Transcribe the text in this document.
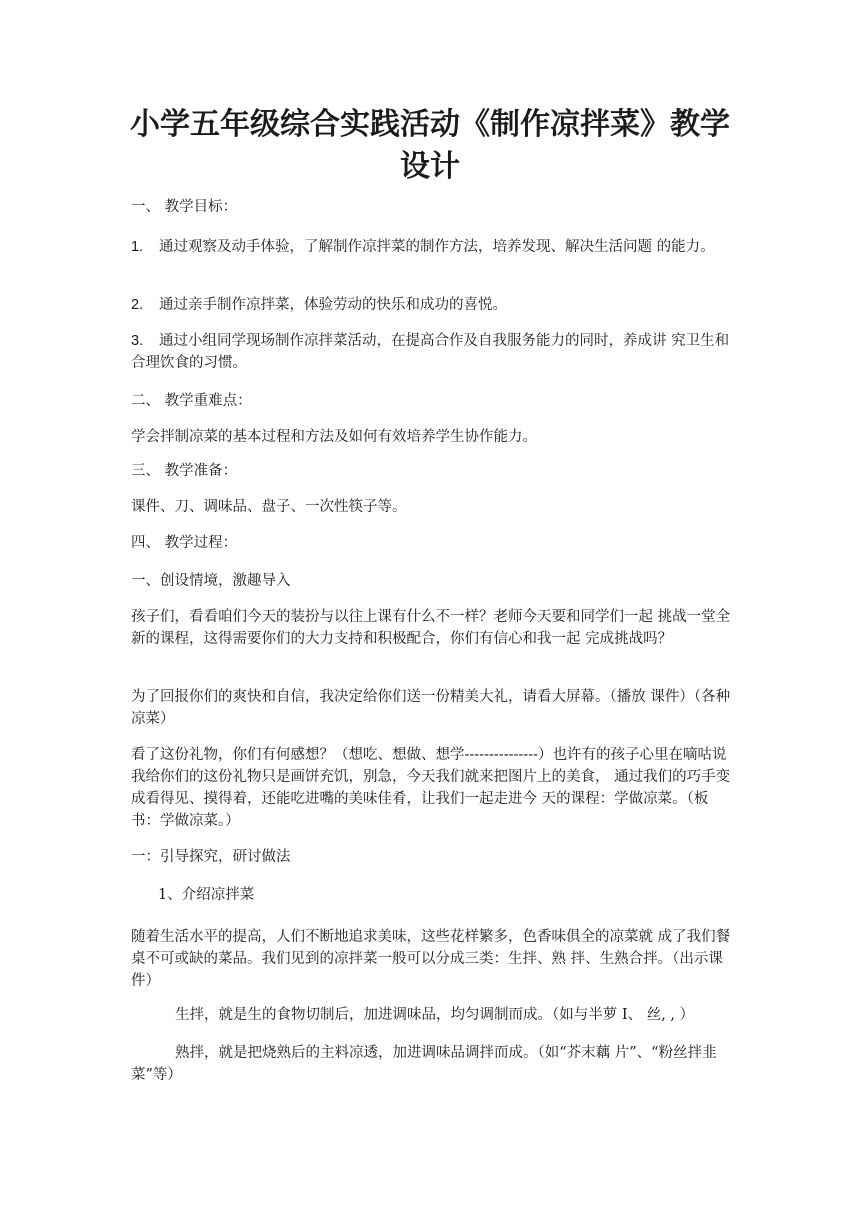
小学五年级综合实践活动《制作凉拌菜》教学设计

一、 教学目标：

1. 通过观察及动手体验，了解制作凉拌菜的制作方法，培养发现、解决生活问题 的能力。

2. 通过亲手制作凉拌菜，体验劳动的快乐和成功的喜悦。

3. 通过小组同学现场制作凉拌菜活动，在提高合作及自我服务能力的同时，养成讲 究卫生和合理饮食的习惯。

二、 教学重难点：

学会拌制凉菜的基本过程和方法及如何有效培养学生协作能力。

三、 教学准备：

课件、刀、调味品、盘子、一次性筷子等。

四、 教学过程：

一、创设情境，激趣导入

孩子们，看看咱们今天的装扮与以往上课有什么不一样？老师今天要和同学们一起 挑战一堂全新的课程，这得需要你们的大力支持和积极配合，你们有信心和我一起 完成挑战吗？

为了回报你们的爽快和自信，我决定给你们送一份精美大礼，请看大屏幕。（播放 课件）（各种凉菜）

看了这份礼物，你们有何感想？（想吃、想做、想学---------------）也许有的孩子心里在嘀咕说我给你们的这份礼物只是画饼充饥，别急，今天我们就来把图片上的美食， 通过我们的巧手变成看得见、摸得着，还能吃进嘴的美味佳肴，让我们一起走进今 天的课程：学做凉菜。（板书：学做凉菜。）

一：引导探究，研讨做法

1、介绍凉拌菜

随着生活水平的提高，人们不断地追求美味，这些花样繁多，色香味俱全的凉菜就 成了我们餐桌不可或缺的菜品。我们见到的凉拌菜一般可以分成三类：生拌、熟 拌、生熟合拌。（出示课件）

生拌，就是生的食物切制后，加进调味品，均匀调制而成。（如与半萝 I、 丝, , ）

熟拌，就是把烧熟后的主料凉透，加进调味品调拌而成。（如“芥末藕 片”、“粉丝拌韭菜”等）
